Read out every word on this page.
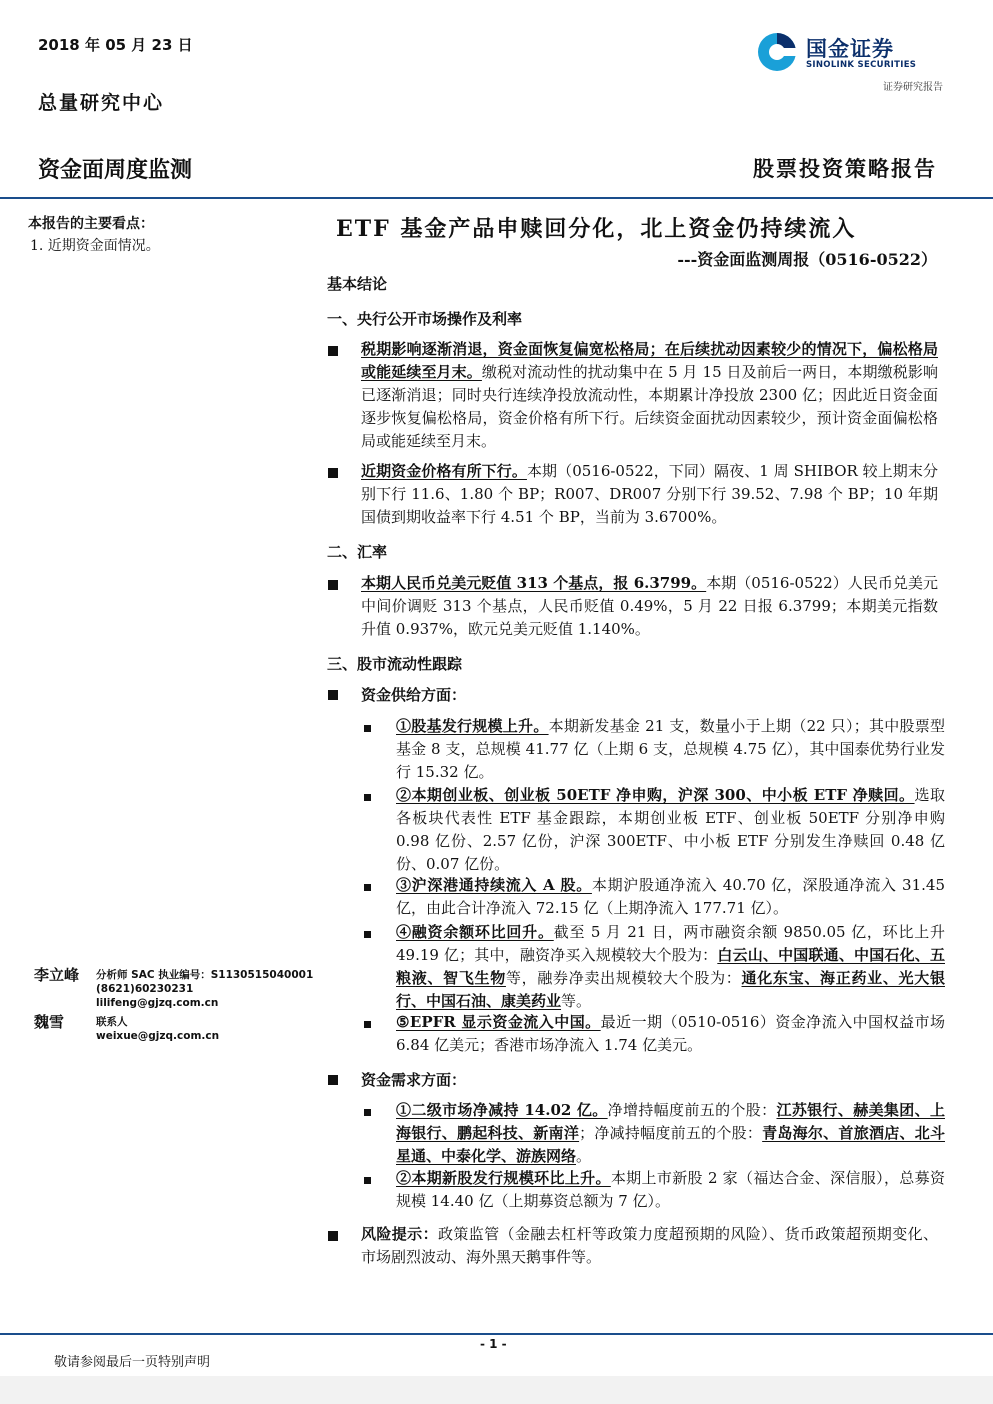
2018 年 05 月 23 日
总量研究中心
资金面周度监测	股票投资策略报告
国金证券
SINOLINK SECURITIES
证券研究报告
本报告的主要看点：
1. 近期资金面情况。
李立峰 分析师 SAC 执业编号：S1130515040001
(8621)60230231
lilifeng@gjzq.com.cn
魏雪	联系人
weixue@gjzq.com.cn
ETF 基金产品申赎回分化，北上资金仍持续流入
---资金面监测周报（0516-0522）
基本结论
一、央行公开市场操作及利率
税期影响逐渐消退，资金面恢复偏宽松格局；在后续扰动因素较少的情况下，偏松格局或能延续至月末。缴税对流动性的扰动集中在 5 月 15 日及前后一两日，本期缴税影响已逐渐消退；同时央行连续净投放流动性，本期累计净投放 2300 亿；因此近日资金面逐步恢复偏松格局，资金价格有所下行。后续资金面扰动因素较少，预计资金面偏松格局或能延续至月末。
近期资金价格有所下行。本期（0516-0522，下同）隔夜、1 周 SHIBOR 较上期末分别下行 11.6、1.80 个 BP；R007、DR007 分别下行 39.52、7.98 个 BP；10 年期国债到期收益率下行 4.51 个 BP，当前为 3.6700%。
二、汇率
本期人民币兑美元贬值 313 个基点，报 6.3799。本期（0516-0522）人民币兑美元中间价调贬 313 个基点，人民币贬值 0.49%，5 月 22 日报 6.3799；本期美元指数升值 0.937%，欧元兑美元贬值 1.140%。
三、股市流动性跟踪
资金供给方面：
①股基发行规模上升。本期新发基金 21 支，数量小于上期（22 只）；其中股票型基金 8 支，总规模 41.77 亿（上期 6 支，总规模 4.75 亿），其中国泰优势行业发行 15.32 亿。
②本期创业板、创业板 50ETF 净申购，沪深 300、中小板 ETF 净赎回。选取各板块代表性 ETF 基金跟踪，本期创业板 ETF、创业板 50ETF 分别净申购 0.98 亿份、2.57 亿份，沪深 300ETF、中小板 ETF 分别发生净赎回 0.48 亿份、0.07 亿份。
③沪深港通持续流入 A 股。本期沪股通净流入 40.70 亿，深股通净流入 31.45 亿，由此合计净流入 72.15 亿（上期净流入 177.71 亿）。
④融资余额环比回升。截至 5 月 21 日，两市融资余额 9850.05 亿，环比上升 49.19 亿；其中，融资净买入规模较大个股为：白云山、中国联通、中国石化、五粮液、智飞生物等，融券净卖出规模较大个股为：通化东宝、海正药业、光大银行、中国石油、康美药业等。
⑤EPFR 显示资金流入中国。最近一期（0510-0516）资金净流入中国权益市场 6.84 亿美元；香港市场净流入 1.74 亿美元。
资金需求方面：
①二级市场净减持 14.02 亿。净增持幅度前五的个股：江苏银行、赫美集团、上海银行、鹏起科技、新南洋；净减持幅度前五的个股：青岛海尔、首旅酒店、北斗星通、中泰化学、游族网络。
②本期新股发行规模环比上升。本期上市新股 2 家（福达合金、深信服），总募资规模 14.40 亿（上期募资总额为 7 亿）。
风险提示：政策监管（金融去杠杆等政策力度超预期的风险）、货币政策超预期变化、市场剧烈波动、海外黑天鹅事件等。
- 1 -
敬请参阅最后一页特别声明
